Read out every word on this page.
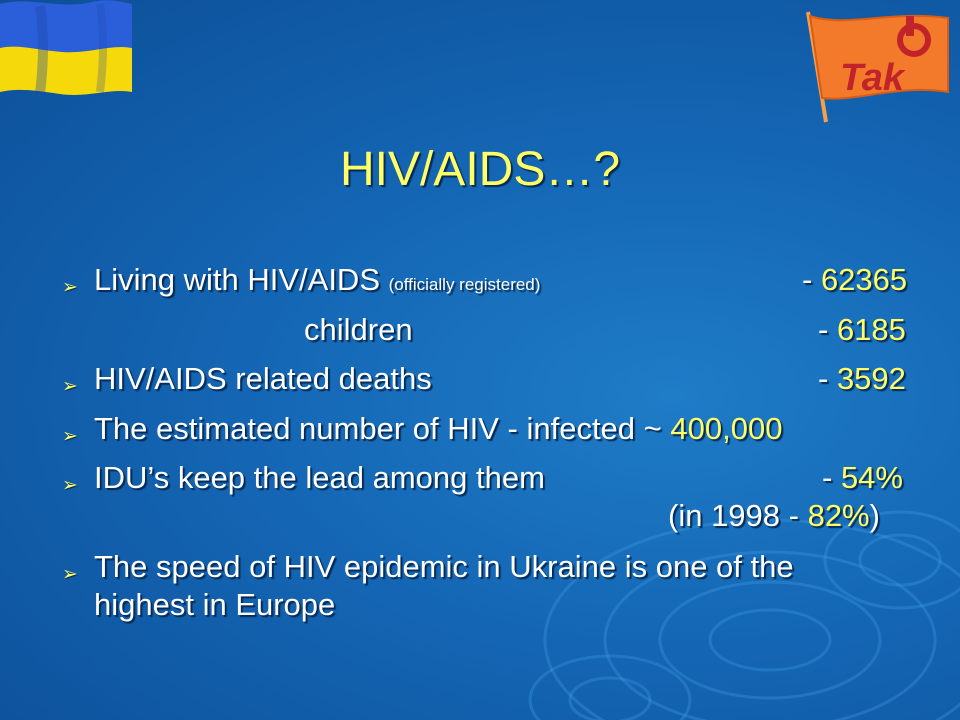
Tak
HIV/AIDS…?
➢ Living with HIV/AIDS (officially registered)	- 62365
children	- 6185
➢ HIV/AIDS related deaths	- 3592
➢ The estimated number of HIV - infected ~ 400,000
➢ IDU’s keep the lead among them	- 54%
(in 1998 - 82%)
➢ The speed of HIV epidemic in Ukraine is one of the
highest in Europe
